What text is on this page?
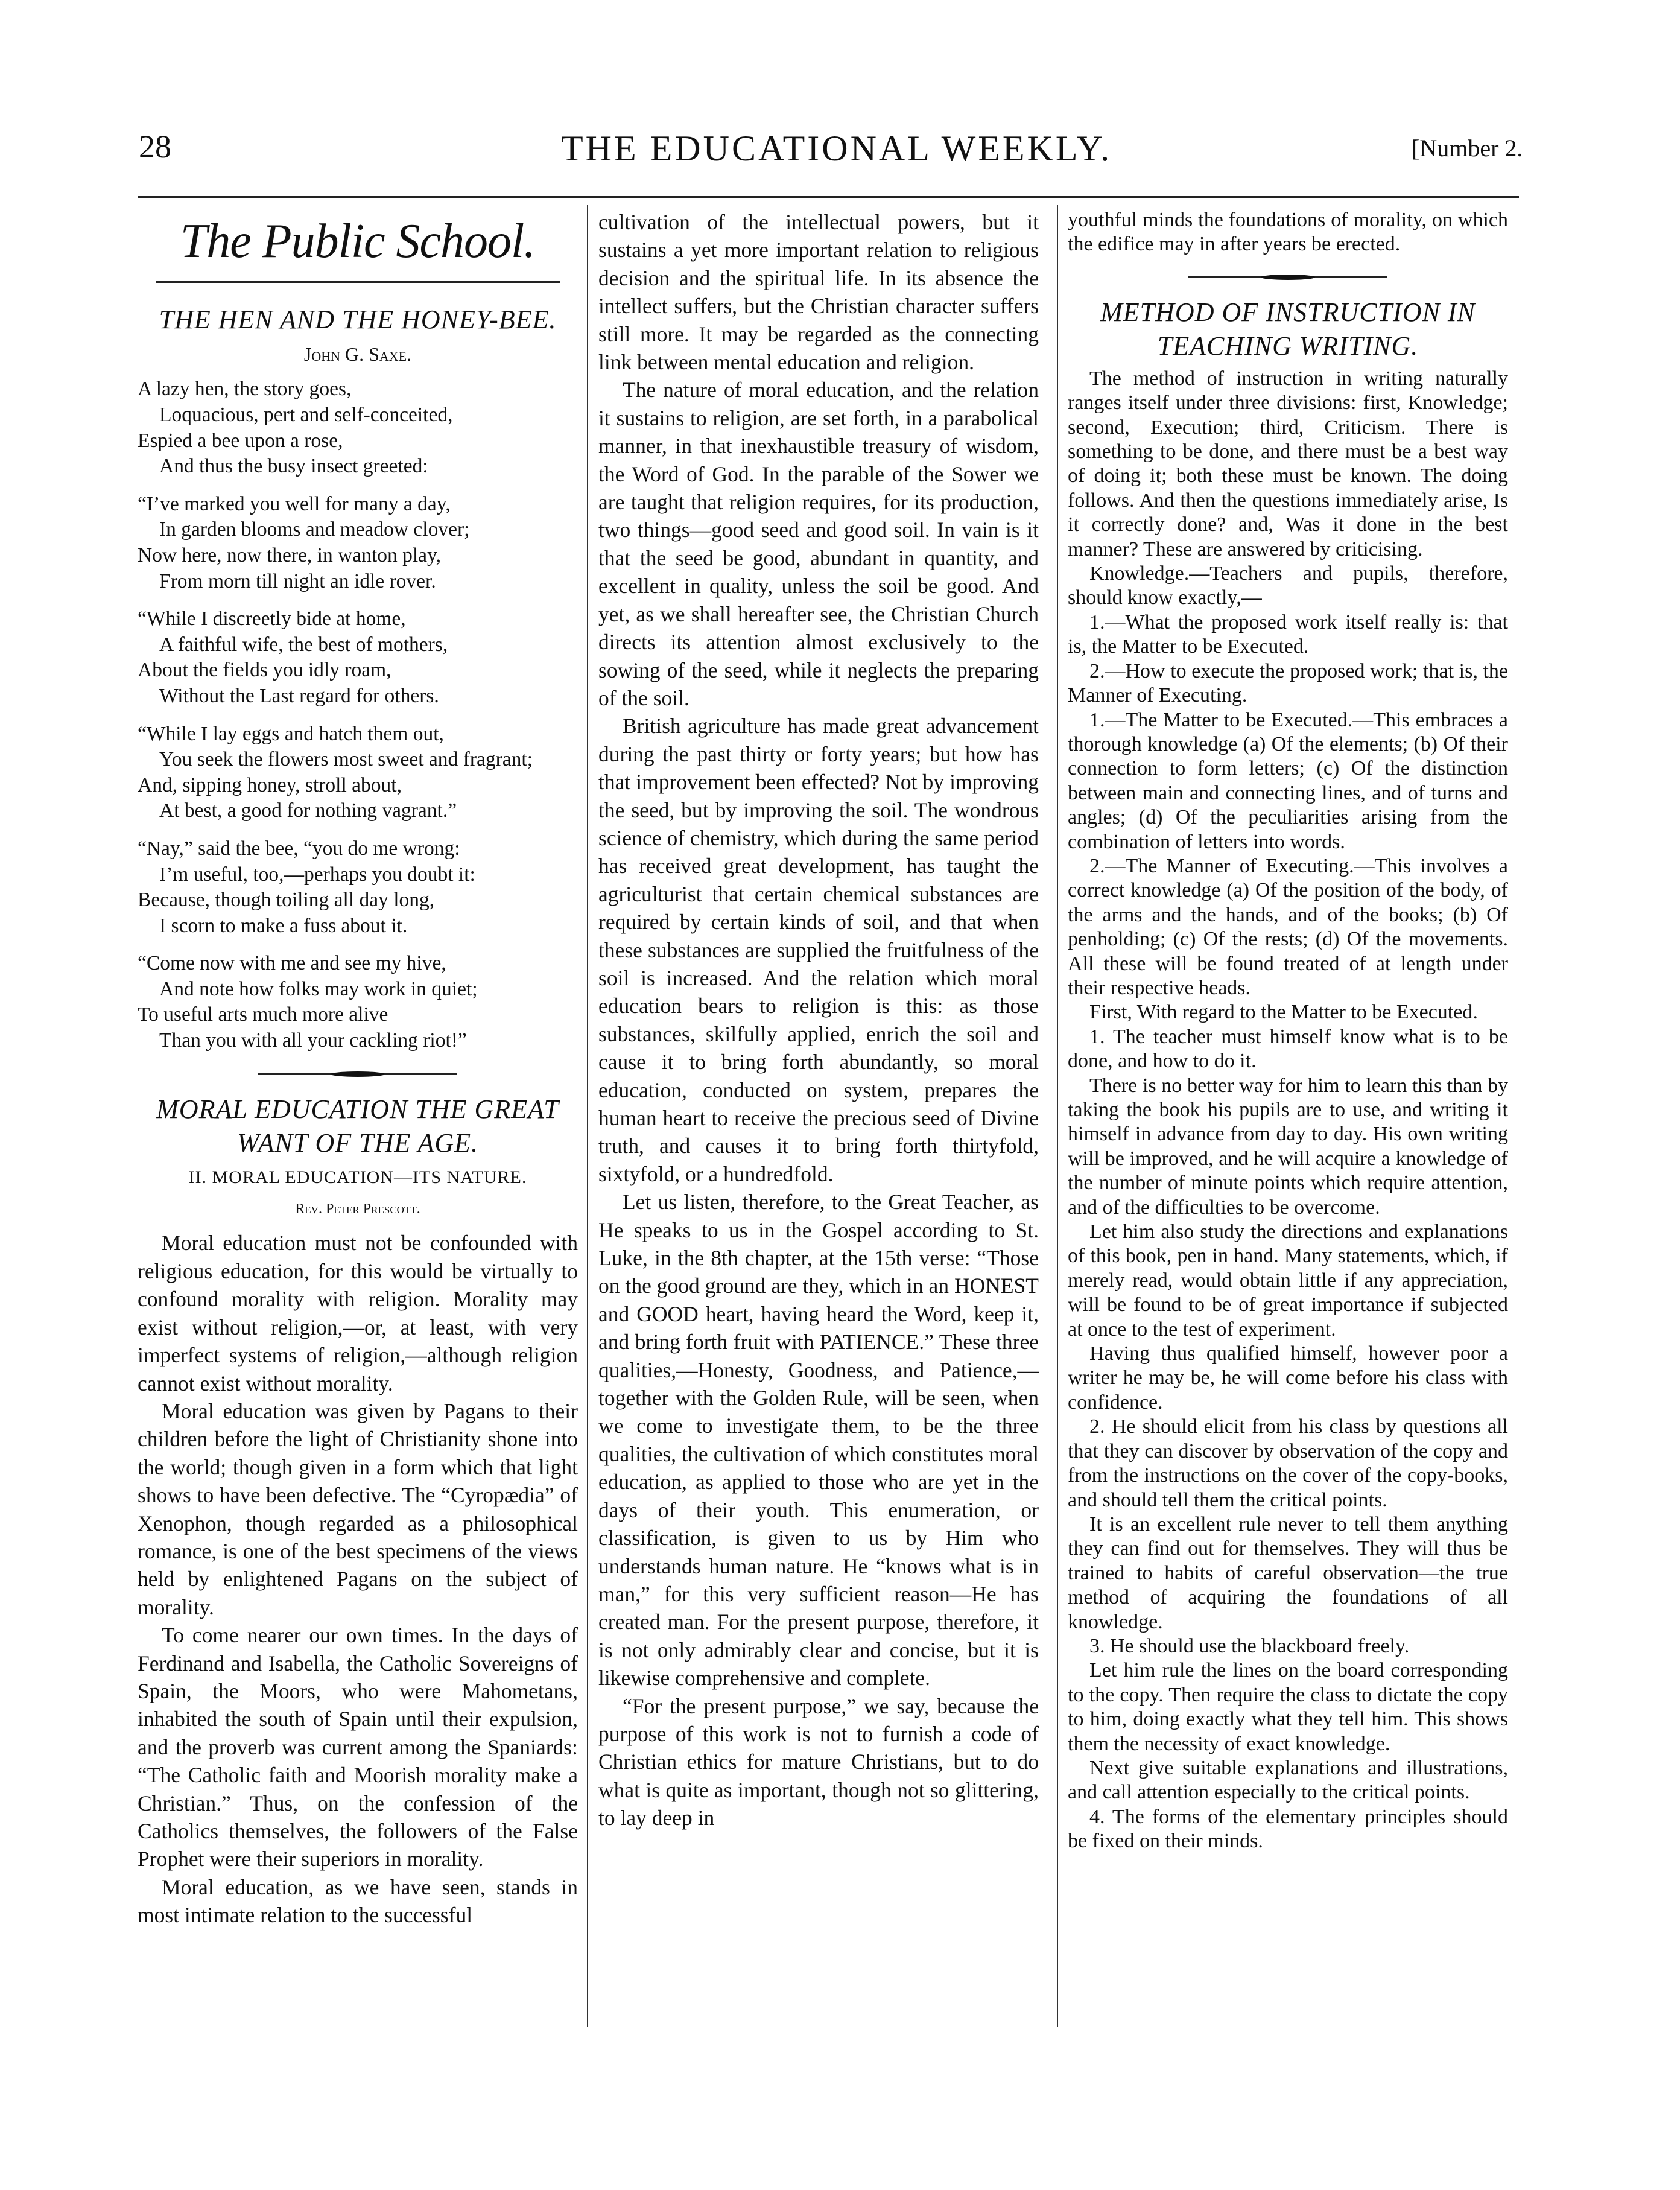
28	THE EDUCATIONAL WEEKLY.	[Number 2.
The Public School.
THE HEN AND THE HONEY-BEE.
John G. Saxe.
A lazy hen, the story goes,
Loquacious, pert and self-conceited,
Espied a bee upon a rose,
And thus the busy insect greeted:
“I’ve marked you well for many a day,
In garden blooms and meadow clover;
Now here, now there, in wanton play,
From morn till night an idle rover.
“While I discreetly bide at home,
A faithful wife, the best of mothers,
About the fields you idly roam,
Without the Last regard for others.
“While I lay eggs and hatch them out,
You seek the flowers most sweet and fragrant;
And, sipping honey, stroll about,
At best, a good for nothing vagrant.”
“Nay,” said the bee, “you do me wrong:
I’m useful, too,—perhaps you doubt it:
Because, though toiling all day long,
I scorn to make a fuss about it.
“Come now with me and see my hive,
And note how folks may work in quiet;
To useful arts much more alive
Than you with all your cackling riot!”
MORAL EDUCATION THE GREAT WANT OF THE AGE.
II. MORAL EDUCATION—ITS NATURE.
Rev. Peter Prescott.

Moral education must not be confounded with religious education, for this would be virtually to confound morality with religion. Morality may exist without religion,—or, at least, with very imperfect systems of religion,—although religion cannot exist without morality.

Moral education was given by Pagans to their children before the light of Christianity shone into the world; though given in a form which that light shows to have been defective. The “Cyropædia” of Xenophon, though regarded as a philosophical romance, is one of the best specimens of the views held by enlightened Pagans on the subject of morality.

To come nearer our own times. In the days of Ferdinand and Isabella, the Catholic Sovereigns of Spain, the Moors, who were Mahometans, inhabited the south of Spain until their expulsion, and the proverb was current among the Spaniards: “The Catholic faith and Moorish morality make a Christian.” Thus, on the confession of the Catholics themselves, the followers of the False Prophet were their superiors in morality.

Moral education, as we have seen, stands in most intimate relation to the successful

cultivation of the intellectual powers, but it sustains a yet more important relation to religious decision and the spiritual life. In its absence the intellect suffers, but the Christian character suffers still more. It may be regarded as the connecting link between mental education and religion.

The nature of moral education, and the relation it sustains to religion, are set forth, in a parabolical manner, in that inexhaustible treasury of wisdom, the Word of God. In the parable of the Sower we are taught that religion requires, for its production, two things—good seed and good soil. In vain is it that the seed be good, abundant in quantity, and excellent in quality, unless the soil be good. And yet, as we shall hereafter see, the Christian Church directs its attention almost exclusively to the sowing of the seed, while it neglects the preparing of the soil.

British agriculture has made great advancement during the past thirty or forty years; but how has that improvement been effected? Not by improving the seed, but by improving the soil. The wondrous science of chemistry, which during the same period has received great development, has taught the agriculturist that certain chemical substances are required by certain kinds of soil, and that when these substances are supplied the fruitfulness of the soil is increased. And the relation which moral education bears to religion is this: as those substances, skilfully applied, enrich the soil and cause it to bring forth abundantly, so moral education, conducted on system, prepares the human heart to receive the precious seed of Divine truth, and causes it to bring forth thirtyfold, sixtyfold, or a hundredfold.

Let us listen, therefore, to the Great Teacher, as He speaks to us in the Gospel according to St. Luke, in the 8th chapter, at the 15th verse: “Those on the good ground are they, which in an HONEST and GOOD heart, having heard the Word, keep it, and bring forth fruit with PATIENCE.” These three qualities,—Honesty, Goodness, and Patience,—together with the Golden Rule, will be seen, when we come to investigate them, to be the three qualities, the cultivation of which constitutes moral education, as applied to those who are yet in the days of their youth. This enumeration, or classification, is given to us by Him who understands human nature. He “knows what is in man,” for this very sufficient reason—He has created man. For the present purpose, therefore, it is not only admirably clear and concise, but it is likewise comprehensive and complete.

“For the present purpose,” we say, because the purpose of this work is not to furnish a code of Christian ethics for mature Christians, but to do what is quite as important, though not so glittering, to lay deep in

youthful minds the foundations of morality, on which the edifice may in after years be erected.

METHOD OF INSTRUCTION IN TEACHING WRITING.

The method of instruction in writing naturally ranges itself under three divisions: first, Knowledge; second, Execution; third, Criticism. There is something to be done, and there must be a best way of doing it; both these must be known. The doing follows. And then the questions immediately arise, Is it correctly done? and, Was it done in the best manner? These are answered by criticising.

Knowledge.—Teachers and pupils, therefore, should know exactly,—

1.—What the proposed work itself really is: that is, the Matter to be Executed.

2.—How to execute the proposed work; that is, the Manner of Executing.

1.—The Matter to be Executed.—This embraces a thorough knowledge (a) Of the elements; (b) Of their connection to form letters; (c) Of the distinction between main and connecting lines, and of turns and angles; (d) Of the peculiarities arising from the combination of letters into words.

2.—The Manner of Executing.—This involves a correct knowledge (a) Of the position of the body, of the arms and the hands, and of the books; (b) Of penholding; (c) Of the rests; (d) Of the movements. All these will be found treated of at length under their respective heads.

First, With regard to the Matter to be Executed.

1. The teacher must himself know what is to be done, and how to do it.

There is no better way for him to learn this than by taking the book his pupils are to use, and writing it himself in advance from day to day. His own writing will be improved, and he will acquire a knowledge of the number of minute points which require attention, and of the difficulties to be overcome.

Let him also study the directions and explanations of this book, pen in hand. Many statements, which, if merely read, would obtain little if any appreciation, will be found to be of great importance if subjected at once to the test of experiment.

Having thus qualified himself, however poor a writer he may be, he will come before his class with confidence.

2. He should elicit from his class by questions all that they can discover by observation of the copy and from the instructions on the cover of the copy-books, and should tell them the critical points.

It is an excellent rule never to tell them anything they can find out for themselves. They will thus be trained to habits of careful observation—the true method of acquiring the foundations of all knowledge.

3. He should use the blackboard freely.

Let him rule the lines on the board corresponding to the copy. Then require the class to dictate the copy to him, doing exactly what they tell him. This shows them the necessity of exact knowledge.

Next give suitable explanations and illustrations, and call attention especially to the critical points.

4. The forms of the elementary principles should be fixed on their minds.
